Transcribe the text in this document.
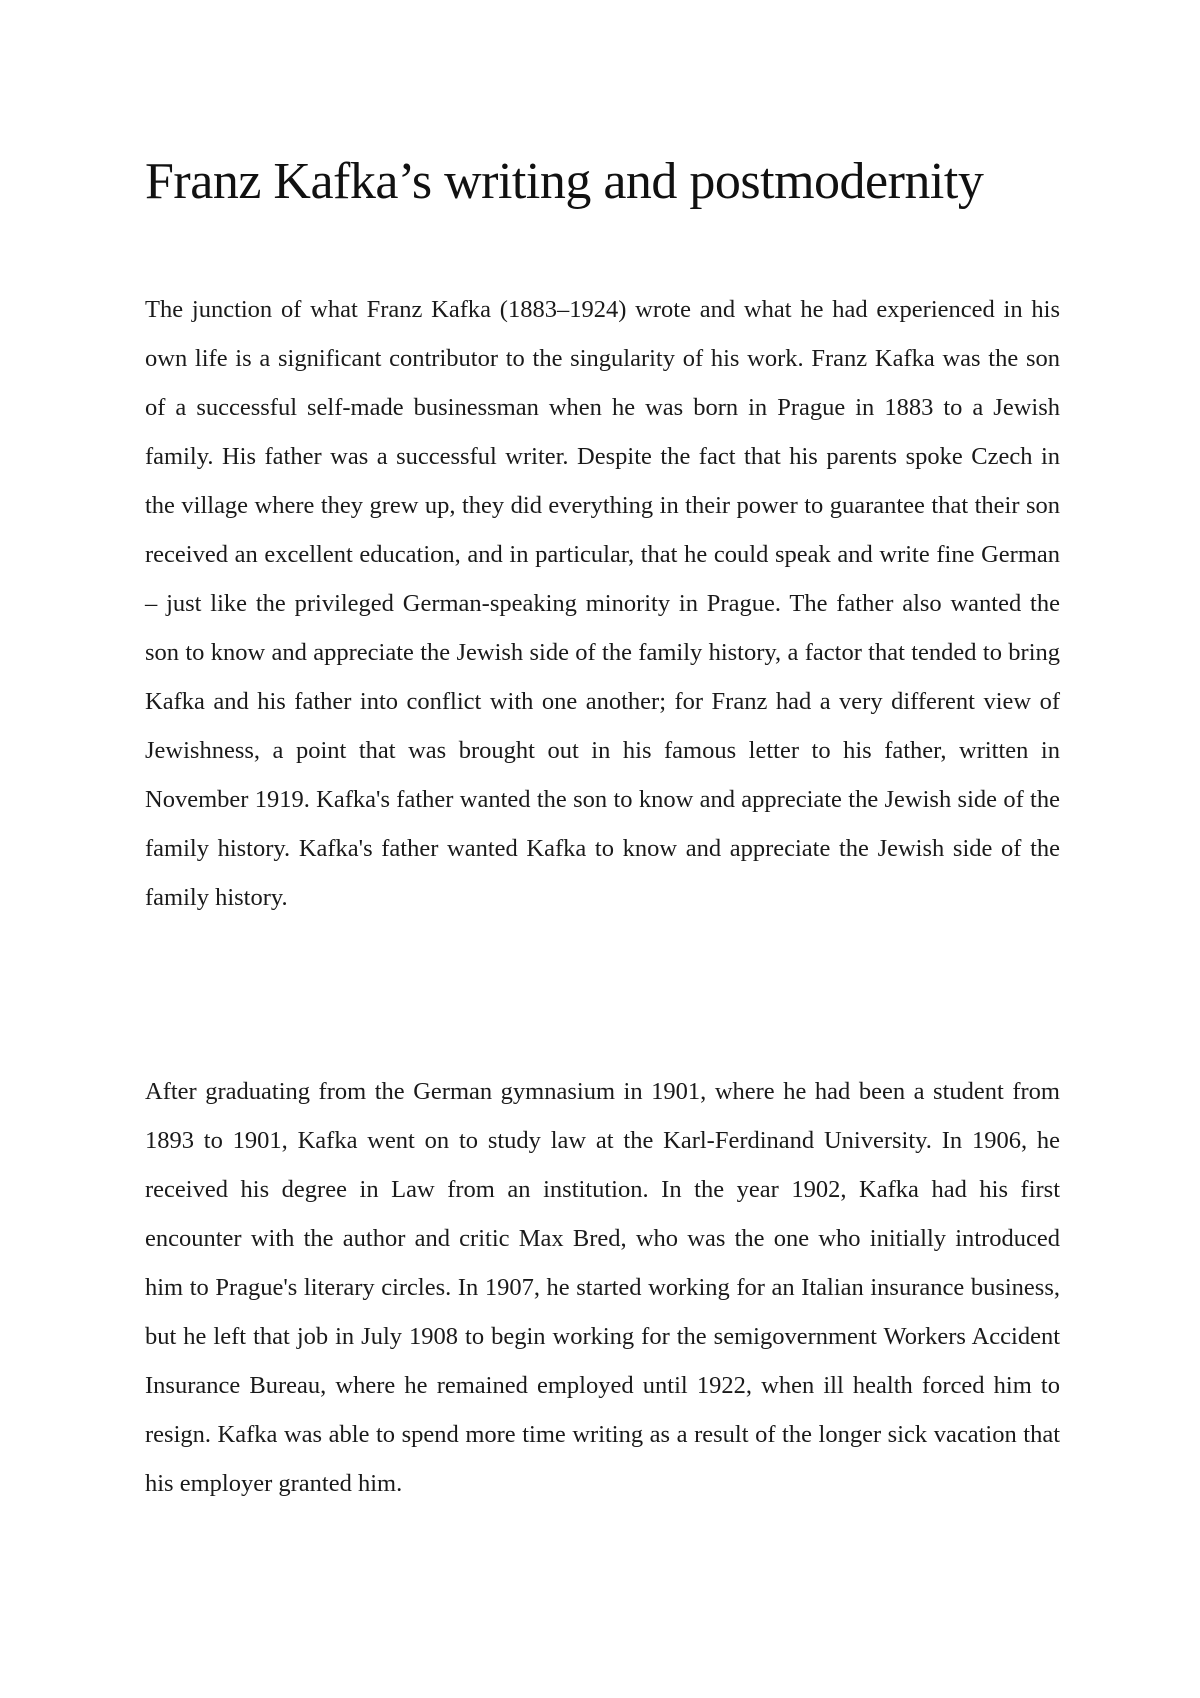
Franz Kafka’s writing and postmodernity

The junction of what Franz Kafka (1883–1924) wrote and what he had experienced in his own life is a significant contributor to the singularity of his work. Franz Kafka was the son of a successful self-made businessman when he was born in Prague in 1883 to a Jewish family. His father was a successful writer. Despite the fact that his parents spoke Czech in the village where they grew up, they did everything in their power to guarantee that their son received an excellent education, and in particular, that he could speak and write fine German – just like the privileged German-speaking minority in Prague. The father also wanted the son to know and appreciate the Jewish side of the family history, a factor that tended to bring Kafka and his father into conflict with one another; for Franz had a very different view of Jewishness, a point that was brought out in his famous letter to his father, written in November 1919. Kafka's father wanted the son to know and appreciate the Jewish side of the family history. Kafka's father wanted Kafka to know and appreciate the Jewish side of the family history.

After graduating from the German gymnasium in 1901, where he had been a student from 1893 to 1901, Kafka went on to study law at the Karl-Ferdinand University. In 1906, he received his degree in Law from an institution. In the year 1902, Kafka had his first encounter with the author and critic Max Bred, who was the one who initially introduced him to Prague's literary circles. In 1907, he started working for an Italian insurance business, but he left that job in July 1908 to begin working for the semigovernment Workers Accident Insurance Bureau, where he remained employed until 1922, when ill health forced him to resign. Kafka was able to spend more time writing as a result of the longer sick vacation that his employer granted him.
